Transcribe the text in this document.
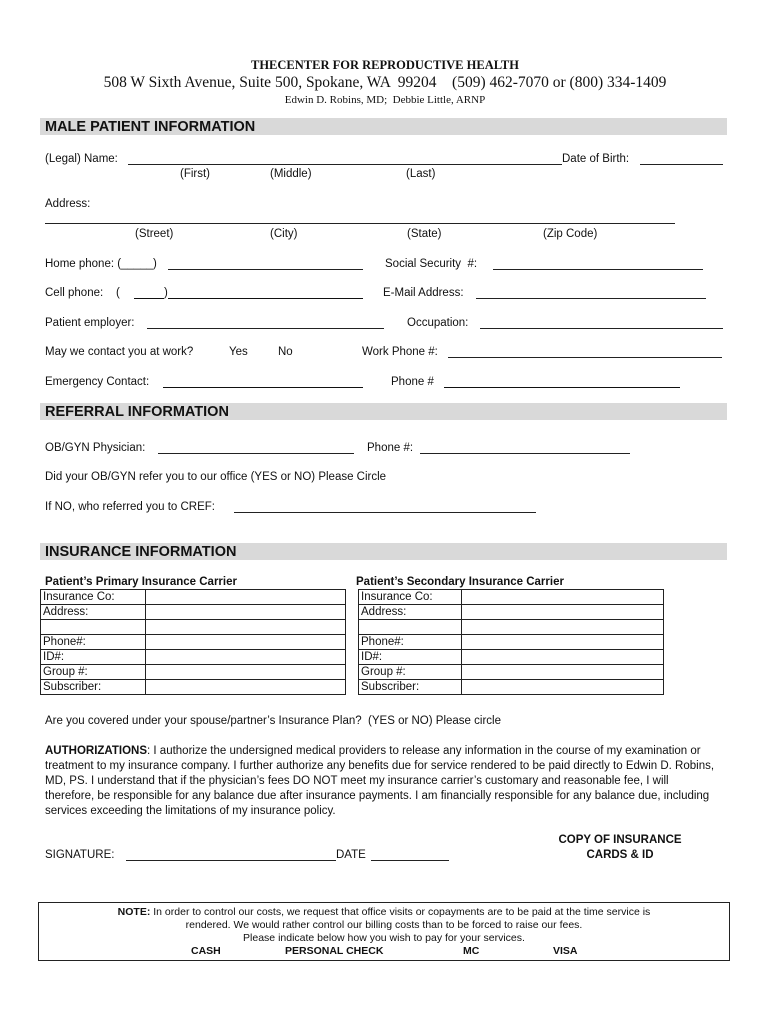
THECENTER FOR REPRODUCTIVE HEALTH
508 W Sixth Avenue, Suite 500, Spokane, WA  99204    (509) 462-7070 or (800) 334-1409
Edwin D. Robins, MD;  Debbie Little, ARNP
MALE PATIENT INFORMATION
(Legal) Name:	Date of Birth:
(First)	(Middle)	(Last)
Address:
(Street)	(City)	(State)	(Zip Code)
Home phone: (_____)	Social Security  #:
Cell phone:    (	)	E-Mail Address:
Patient employer:	Occupation:
May we contact you at work?	Yes	No	Work Phone #:
Emergency Contact:	Phone #
REFERRAL INFORMATION
OB/GYN Physician:	Phone #:
Did your OB/GYN refer you to our office (YES or NO) Please Circle
If NO, who referred you to CREF:
INSURANCE INFORMATION
Patient’s Primary Insurance Carrier	Patient’s Secondary Insurance Carrier
Insurance Co:	
Address:	

Phone#:	
ID#:	
Group #:	
Subscriber:	
Insurance Co:	
Address:	

Phone#:	
ID#:	
Group #:	
Subscriber:	
Are you covered under your spouse/partner’s Insurance Plan?  (YES or NO) Please circle
AUTHORIZATIONS: I authorize the undersigned medical providers to release any information in the course of my examination or treatment to my insurance company. I further authorize any benefits due for service rendered to be paid directly to Edwin D. Robins, MD, PS. I understand that if the physician’s fees DO NOT meet my insurance carrier’s customary and reasonable fee, I will therefore, be responsible for any balance due after insurance payments. I am financially responsible for any balance due, including services exceeding the limitations of my insurance policy.
SIGNATURE:	DATE
COPY OF INSURANCE
CARDS & ID
NOTE: In order to control our costs, we request that office visits or copayments are to be paid at the time service is
rendered. We would rather control our billing costs than to be forced to raise our fees.
Please indicate below how you wish to pay for your services.
CASH	PERSONAL CHECK	MC	VISA
